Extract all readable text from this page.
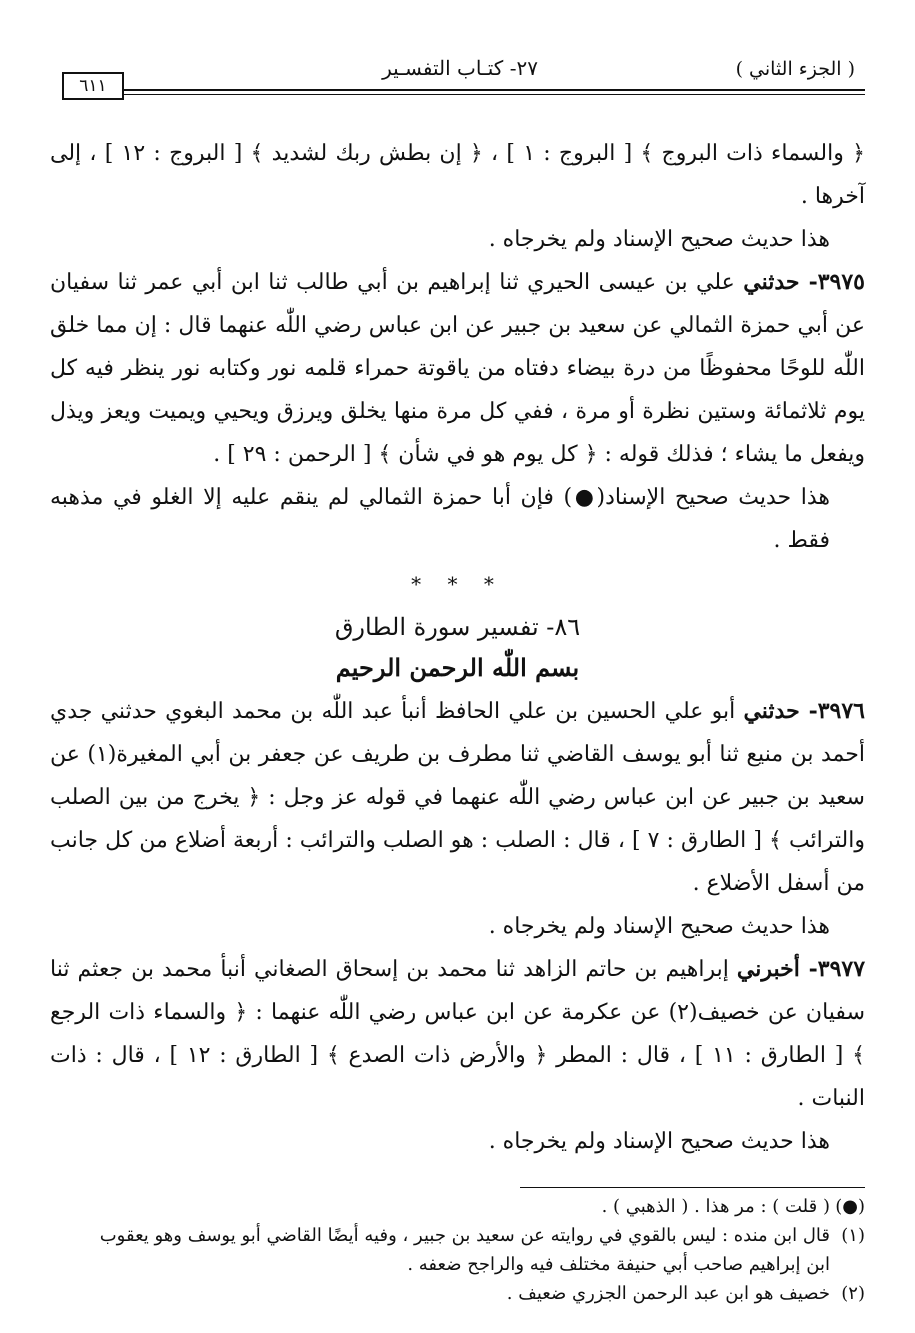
( الجزء الثاني )
٢٧- كتـاب التفسـير
٦١١

﴿ والسماء ذات البروج ﴾ [ البروج : ١ ] ، ﴿ إن بطش ربك لشديد ﴾ [ البروج : ١٢ ] ، إلى آخرها .

هذا حديث صحيح الإسناد ولم يخرجاه .

٣٩٧٥- حدثني علي بن عيسى الحيري ثنا إبراهيم بن أبي طالب ثنا ابن أبي عمر ثنا سفيان عن أبي حمزة الثمالي عن سعيد بن جبير عن ابن عباس رضي اللّٰه عنهما قال : إن مما خلق اللّٰه للوحًا محفوظًا من درة بيضاء دفتاه من ياقوتة حمراء قلمه نور وكتابه نور ينظر فيه كل يوم ثلاثمائة وستين نظرة أو مرة ، ففي كل مرة منها يخلق ويرزق ويحيي ويميت ويعز ويذل ويفعل ما يشاء ؛ فذلك قوله : ﴿ كل يوم هو في شأن ﴾ [ الرحمن : ٢٩ ] .

هذا حديث صحيح الإسناد(●) فإن أبا حمزة الثمالي لم ينقم عليه إلا الغلو في مذهبه فقط .

* * *
٨٦- تفسير سورة الطارق
بسم اللّٰه الرحمن الرحيم

٣٩٧٦- حدثني أبو علي الحسين بن علي الحافظ أنبأ عبد اللّٰه بن محمد البغوي حدثني جدي أحمد بن منيع ثنا أبو يوسف القاضي ثنا مطرف بن طريف عن جعفر بن أبي المغيرة(١) عن سعيد بن جبير عن ابن عباس رضي اللّٰه عنهما في قوله عز وجل : ﴿ يخرج من بين الصلب والترائب ﴾ [ الطارق : ٧ ] ، قال : الصلب : هو الصلب والترائب : أربعة أضلاع من كل جانب من أسفل الأضلاع .

هذا حديث صحيح الإسناد ولم يخرجاه .

٣٩٧٧- أخبرني إبراهيم بن حاتم الزاهد ثنا محمد بن إسحاق الصغاني أنبأ محمد بن جعثم ثنا سفيان عن خصيف(٢) عن عكرمة عن ابن عباس رضي اللّٰه عنهما : ﴿ والسماء ذات الرجع ﴾ [ الطارق : ١١ ] ، قال : المطر ﴿ والأرض ذات الصدع ﴾ [ الطارق : ١٢ ] ، قال : ذات النبات .

هذا حديث صحيح الإسناد ولم يخرجاه .

(●)( قلت ) : مر هذا . ( الذهبي ) .
(١)قال ابن منده : ليس بالقوي في روايته عن سعيد بن جبير ، وفيه أيضًا القاضي أبو يوسف وهو يعقوب
ابن إبراهيم صاحب أبي حنيفة مختلف فيه والراجح ضعفه .
(٢)خصيف هو ابن عبد الرحمن الجزري ضعيف .
